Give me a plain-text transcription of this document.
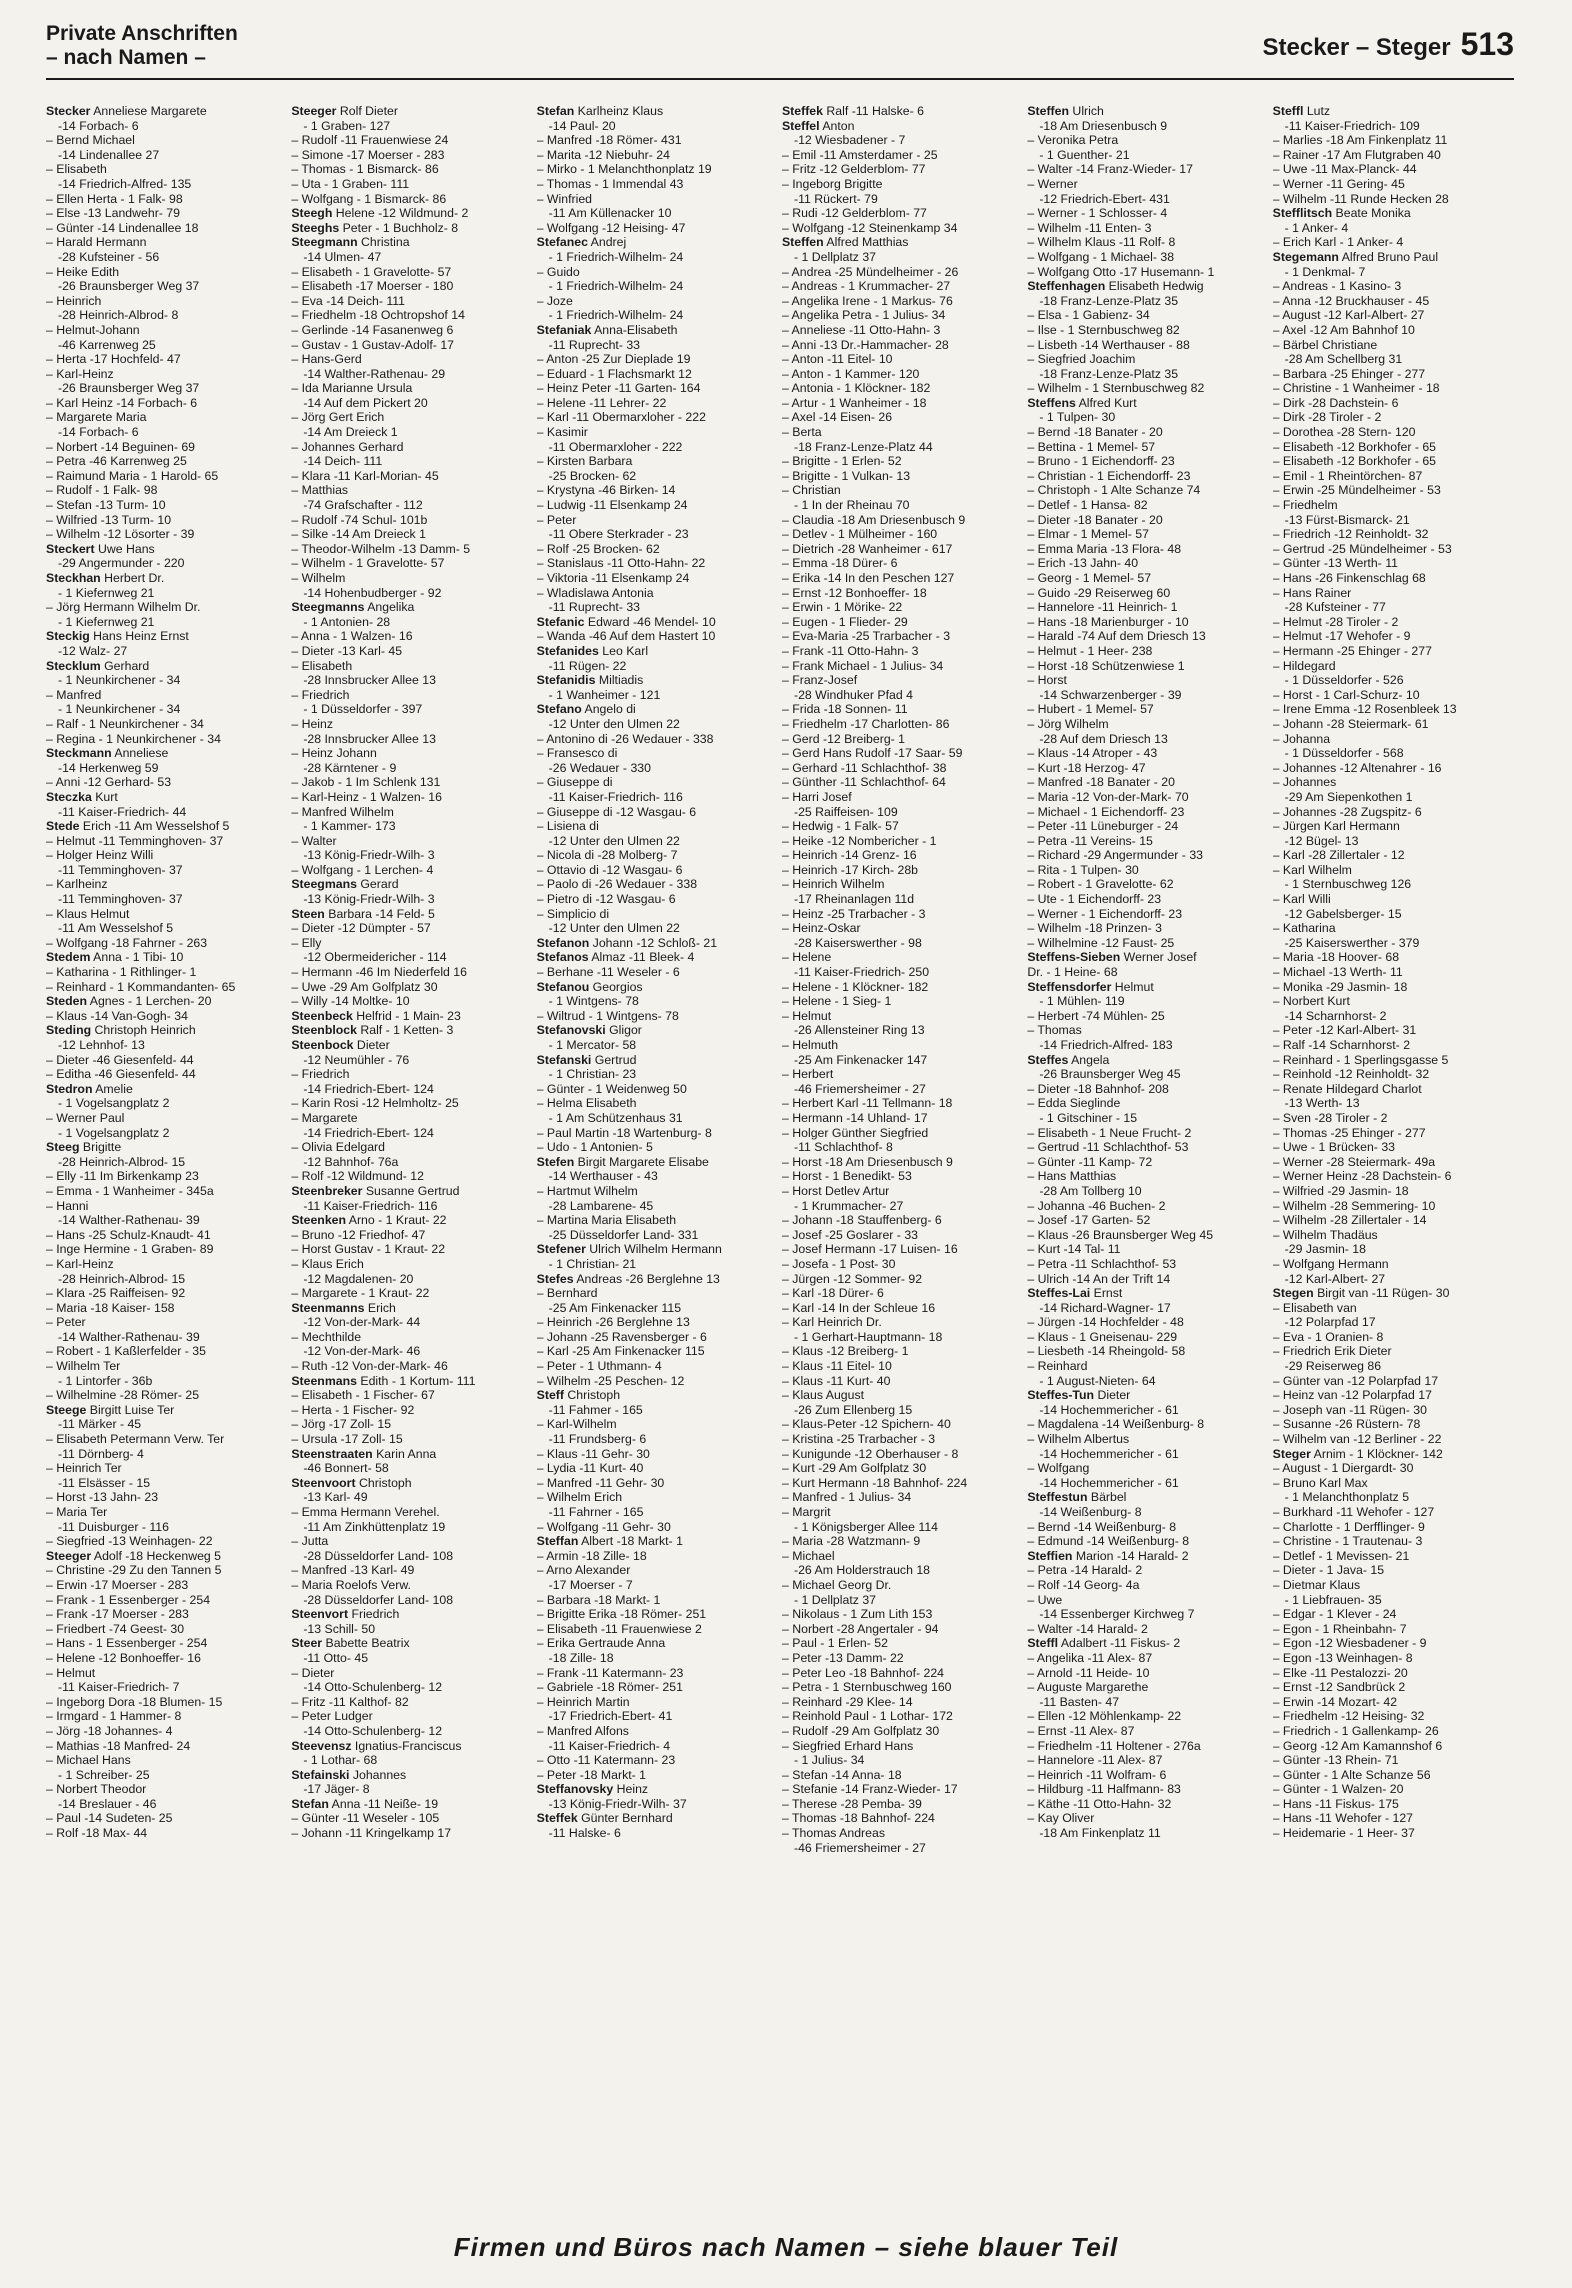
Private Anschriften
– nach Namen –	Stecker – Steger 513
Stecker Anneliese Margarete
-14 Forbach- 6
– Bernd Michael
-14 Lindenallee 27
– Elisabeth
-14 Friedrich-Alfred- 135
– Ellen Herta - 1 Falk- 98
– Else -13 Landwehr- 79
– Günter -14 Lindenallee 18
– Harald Hermann
-28 Kufsteiner - 56
– Heike Edith
-26 Braunsberger Weg 37
– Heinrich
-28 Heinrich-Albrod- 8
– Helmut-Johann
-46 Karrenweg 25
– Herta -17 Hochfeld- 47
– Karl-Heinz
-26 Braunsberger Weg 37
– Karl Heinz -14 Forbach- 6
– Margarete Maria
-14 Forbach- 6
– Norbert -14 Beguinen- 69
– Petra -46 Karrenweg 25
– Raimund Maria - 1 Harold- 65
– Rudolf - 1 Falk- 98
– Stefan -13 Turm- 10
– Wilfried -13 Turm- 10
– Wilhelm -12 Lösorter - 39
Steckert Uwe Hans
-29 Angermunder - 220
Steckhan Herbert Dr.
- 1 Kiefernweg 21
– Jörg Hermann Wilhelm Dr.
- 1 Kiefernweg 21
Steckig Hans Heinz Ernst
-12 Walz- 27
Stecklum Gerhard
- 1 Neunkirchener - 34
– Manfred
- 1 Neunkirchener - 34
– Ralf - 1 Neunkirchener - 34
– Regina - 1 Neunkirchener - 34
Steckmann Anneliese
-14 Herkenweg 59
– Anni -12 Gerhard- 53
Steczka Kurt
-11 Kaiser-Friedrich- 44
Stede Erich -11 Am Wesselshof 5
– Helmut -11 Temminghoven- 37
– Holger Heinz Willi
-11 Temminghoven- 37
– Karlheinz
-11 Temminghoven- 37
– Klaus Helmut
-11 Am Wesselshof 5
– Wolfgang -18 Fahrner - 263
Stedem Anna - 1 Tibi- 10
– Katharina - 1 Rithlinger- 1
– Reinhard - 1 Kommandanten- 65
Steden Agnes - 1 Lerchen- 20
– Klaus -14 Van-Gogh- 34
Steding Christoph Heinrich
-12 Lehnhof- 13
– Dieter -46 Giesenfeld- 44
– Editha -46 Giesenfeld- 44
Stedron Amelie
- 1 Vogelsangplatz 2
– Werner Paul
- 1 Vogelsangplatz 2
Steeg Brigitte
-28 Heinrich-Albrod- 15
– Elly -11 Im Birkenkamp 23
– Emma - 1 Wanheimer - 345a
– Hanni
-14 Walther-Rathenau- 39
– Hans -25 Schulz-Knaudt- 41
– Inge Hermine - 1 Graben- 89
– Karl-Heinz
-28 Heinrich-Albrod- 15
– Klara -25 Raiffeisen- 92
– Maria -18 Kaiser- 158
– Peter
-14 Walther-Rathenau- 39
– Robert - 1 Kaßlerfelder - 35
– Wilhelm Ter
- 1 Lintorfer - 36b
– Wilhelmine -28 Römer- 25
Steege Birgitt Luise Ter
-11 Märker - 45
– Elisabeth Petermann Verw. Ter
-11 Dörnberg- 4
– Heinrich Ter
-11 Elsässer - 15
– Horst -13 Jahn- 23
– Maria Ter
-11 Duisburger - 116
– Siegfried -13 Weinhagen- 22
Steeger Adolf -18 Heckenweg 5
– Christine -29 Zu den Tannen 5
– Erwin -17 Moerser - 283
– Frank - 1 Essenberger - 254
– Frank -17 Moerser - 283
– Friedbert -74 Geest- 30
– Hans - 1 Essenberger - 254
– Helene -12 Bonhoeffer- 16
– Helmut
-11 Kaiser-Friedrich- 7
– Ingeborg Dora -18 Blumen- 15
– Irmgard - 1 Hammer- 8
– Jörg -18 Johannes- 4
– Mathias -18 Manfred- 24
– Michael Hans
- 1 Schreiber- 25
– Norbert Theodor
-14 Breslauer - 46
– Paul -14 Sudeten- 25
– Rolf -18 Max- 44
Steeger Rolf Dieter
- 1 Graben- 127
– Rudolf -11 Frauenwiese 24
– Simone -17 Moerser - 283
– Thomas - 1 Bismarck- 86
– Uta - 1 Graben- 111
– Wolfgang - 1 Bismarck- 86
Steegh Helene -12 Wildmund- 2
Steeghs Peter - 1 Buchholz- 8
Steegmann Christina
-14 Ulmen- 47
– Elisabeth - 1 Gravelotte- 57
– Elisabeth -17 Moerser - 180
– Eva -14 Deich- 111
– Friedhelm -18 Ochtropshof 14
– Gerlinde -14 Fasanenweg 6
– Gustav - 1 Gustav-Adolf- 17
– Hans-Gerd
-14 Walther-Rathenau- 29
– Ida Marianne Ursula
-14 Auf dem Pickert 20
– Jörg Gert Erich
-14 Am Dreieck 1
– Johannes Gerhard
-14 Deich- 111
– Klara -11 Karl-Morian- 45
– Matthias
-74 Grafschafter - 112
– Rudolf -74 Schul- 101b
– Silke -14 Am Dreieck 1
– Theodor-Wilhelm -13 Damm- 5
– Wilhelm - 1 Gravelotte- 57
– Wilhelm
-14 Hohenbudberger - 92
Steegmanns Angelika
- 1 Antonien- 28
– Anna - 1 Walzen- 16
– Dieter -13 Karl- 45
– Elisabeth
-28 Innsbrucker Allee 13
– Friedrich
- 1 Düsseldorfer - 397
– Heinz
-28 Innsbrucker Allee 13
– Heinz Johann
-28 Kärntener - 9
– Jakob - 1 Im Schlenk 131
– Karl-Heinz - 1 Walzen- 16
– Manfred Wilhelm
- 1 Kammer- 173
– Walter
-13 König-Friedr-Wilh- 3
– Wolfgang - 1 Lerchen- 4
Steegmans Gerard
-13 König-Friedr-Wilh- 3
Steen Barbara -14 Feld- 5
– Dieter -12 Dümpter - 57
– Elly
-12 Obermeidericher - 114
– Hermann -46 Im Niederfeld 16
– Uwe -29 Am Golfplatz 30
– Willy -14 Moltke- 10
Steenbeck Helfrid - 1 Main- 23
Steenblock Ralf - 1 Ketten- 3
Steenbock Dieter
-12 Neumühler - 76
– Friedrich
-14 Friedrich-Ebert- 124
– Karin Rosi -12 Helmholtz- 25
– Margarete
-14 Friedrich-Ebert- 124
– Olivia Edelgard
-12 Bahnhof- 76a
– Rolf -12 Wildmund- 12
Steenbreker Susanne Gertrud
-11 Kaiser-Friedrich- 116
Steenken Arno - 1 Kraut- 22
– Bruno -12 Friedhof- 47
– Horst Gustav - 1 Kraut- 22
– Klaus Erich
-12 Magdalenen- 20
– Margarete - 1 Kraut- 22
Steenmanns Erich
-12 Von-der-Mark- 44
– Mechthilde
-12 Von-der-Mark- 46
– Ruth -12 Von-der-Mark- 46
Steenmans Edith - 1 Kortum- 111
– Elisabeth - 1 Fischer- 67
– Herta - 1 Fischer- 92
– Jörg -17 Zoll- 15
– Ursula -17 Zoll- 15
Steenstraaten Karin Anna
-46 Bonnert- 58
Steenvoort Christoph
-13 Karl- 49
– Emma Hermann Verehel.
-11 Am Zinkhüttenplatz 19
– Jutta
-28 Düsseldorfer Land- 108
– Manfred -13 Karl- 49
– Maria Roelofs Verw.
-28 Düsseldorfer Land- 108
Steenvort Friedrich
-13 Schill- 50
Steer Babette Beatrix
-11 Otto- 45
– Dieter
-14 Otto-Schulenberg- 12
– Fritz -11 Kalthof- 82
– Peter Ludger
-14 Otto-Schulenberg- 12
Steevensz Ignatius-Franciscus
- 1 Lothar- 68
Stefainski Johannes
-17 Jäger- 8
Stefan Anna -11 Neiße- 19
– Günter -11 Weseler - 105
– Johann -11 Kringelkamp 17
Stefan Karlheinz Klaus
-14 Paul- 20
– Manfred -18 Römer- 431
– Marita -12 Niebuhr- 24
– Mirko - 1 Melanchthonplatz 19
– Thomas - 1 Immendal 43
– Winfried
-11 Am Küllenacker 10
– Wolfgang -12 Heising- 47
Stefanec Andrej
- 1 Friedrich-Wilhelm- 24
– Guido
- 1 Friedrich-Wilhelm- 24
– Joze
- 1 Friedrich-Wilhelm- 24
Stefaniak Anna-Elisabeth
-11 Ruprecht- 33
– Anton -25 Zur Dieplade 19
– Eduard - 1 Flachsmarkt 12
– Heinz Peter -11 Garten- 164
– Helene -11 Lehrer- 22
– Karl -11 Obermarxloher - 222
– Kasimir
-11 Obermarxloher - 222
– Kirsten Barbara
-25 Brocken- 62
– Krystyna -46 Birken- 14
– Ludwig -11 Elsenkamp 24
– Peter
-11 Obere Sterkrader - 23
– Rolf -25 Brocken- 62
– Stanislaus -11 Otto-Hahn- 22
– Viktoria -11 Elsenkamp 24
– Wladislawa Antonia
-11 Ruprecht- 33
Stefanic Edward -46 Mendel- 10
– Wanda -46 Auf dem Hastert 10
Stefanides Leo Karl
-11 Rügen- 22
Stefanidis Miltiadis
- 1 Wanheimer - 121
Stefano Angelo di
-12 Unter den Ulmen 22
– Antonino di -26 Wedauer - 338
– Fransesco di
-26 Wedauer - 330
– Giuseppe di
-11 Kaiser-Friedrich- 116
– Giuseppe di -12 Wasgau- 6
– Lisiena di
-12 Unter den Ulmen 22
– Nicola di -28 Molberg- 7
– Ottavio di -12 Wasgau- 6
– Paolo di -26 Wedauer - 338
– Pietro di -12 Wasgau- 6
– Simplicio di
-12 Unter den Ulmen 22
Stefanon Johann -12 Schloß- 21
Stefanos Almaz -11 Bleek- 4
– Berhane -11 Weseler - 6
Stefanou Georgios
- 1 Wintgens- 78
– Wiltrud - 1 Wintgens- 78
Stefanovski Gligor
- 1 Mercator- 58
Stefanski Gertrud
- 1 Christian- 23
– Günter - 1 Weidenweg 50
– Helma Elisabeth
- 1 Am Schützenhaus 31
– Paul Martin -18 Wartenburg- 8
– Udo - 1 Antonien- 5
Stefen Birgit Margarete Elisabe
-14 Werthauser - 43
– Hartmut Wilhelm
-28 Lambarene- 45
– Martina Maria Elisabeth
-25 Düsseldorfer Land- 331
Stefener Ulrich Wilhelm Hermann
- 1 Christian- 21
Stefes Andreas -26 Berglehne 13
– Bernhard
-25 Am Finkenacker 115
– Heinrich -26 Berglehne 13
– Johann -25 Ravensberger - 6
– Karl -25 Am Finkenacker 115
– Peter - 1 Uthmann- 4
– Wilhelm -25 Peschen- 12
Steff Christoph
-11 Fahmer - 165
– Karl-Wilhelm
-11 Frundsberg- 6
– Klaus -11 Gehr- 30
– Lydia -11 Kurt- 40
– Manfred -11 Gehr- 30
– Wilhelm Erich
-11 Fahrner - 165
– Wolfgang -11 Gehr- 30
Steffan Albert -18 Markt- 1
– Armin -18 Zille- 18
– Arno Alexander
-17 Moerser - 7
– Barbara -18 Markt- 1
– Brigitte Erika -18 Römer- 251
– Elisabeth -11 Frauenwiese 2
– Erika Gertraude Anna
-18 Zille- 18
– Frank -11 Katermann- 23
– Gabriele -18 Römer- 251
– Heinrich Martin
-17 Friedrich-Ebert- 41
– Manfred Alfons
-11 Kaiser-Friedrich- 4
– Otto -11 Katermann- 23
– Peter -18 Markt- 1
Steffanovsky Heinz
-13 König-Friedr-Wilh- 37
Steffek Günter Bernhard
-11 Halske- 6
Steffek Ralf -11 Halske- 6
Steffel Anton
-12 Wiesbadener - 7
– Emil -11 Amsterdamer - 25
– Fritz -12 Gelderblom- 77
– Ingeborg Brigitte
-11 Rückert- 79
– Rudi -12 Gelderblom- 77
– Wolfgang -12 Steinenkamp 34
Steffen Alfred Matthias
- 1 Dellplatz 37
– Andrea -25 Mündelheimer - 26
– Andreas - 1 Krummacher- 27
– Angelika Irene - 1 Markus- 76
– Angelika Petra - 1 Julius- 34
– Anneliese -11 Otto-Hahn- 3
– Anni -13 Dr.-Hammacher- 28
– Anton -11 Eitel- 10
– Anton - 1 Kammer- 120
– Antonia - 1 Klöckner- 182
– Artur - 1 Wanheimer - 18
– Axel -14 Eisen- 26
– Berta
-18 Franz-Lenze-Platz 44
– Brigitte - 1 Erlen- 52
– Brigitte - 1 Vulkan- 13
– Christian
- 1 In der Rheinau 70
– Claudia -18 Am Driesenbusch 9
– Detlev - 1 Mülheimer - 160
– Dietrich -28 Wanheimer - 617
– Emma -18 Dürer- 6
– Erika -14 In den Peschen 127
– Ernst -12 Bonhoeffer- 18
– Erwin - 1 Mörike- 22
– Eugen - 1 Flieder- 29
– Eva-Maria -25 Trarbacher - 3
– Frank -11 Otto-Hahn- 3
– Frank Michael - 1 Julius- 34
– Franz-Josef
-28 Windhuker Pfad 4
– Frida -18 Sonnen- 11
– Friedhelm -17 Charlotten- 86
– Gerd -12 Breiberg- 1
– Gerd Hans Rudolf -17 Saar- 59
– Gerhard -11 Schlachthof- 38
– Günther -11 Schlachthof- 64
– Harri Josef
-25 Raiffeisen- 109
– Hedwig - 1 Falk- 57
– Heike -12 Nombericher - 1
– Heinrich -14 Grenz- 16
– Heinrich -17 Kirch- 28b
– Heinrich Wilhelm
-17 Rheinanlagen 11d
– Heinz -25 Trarbacher - 3
– Heinz-Oskar
-28 Kaiserswerther - 98
– Helene
-11 Kaiser-Friedrich- 250
– Helene - 1 Klöckner- 182
– Helene - 1 Sieg- 1
– Helmut
-26 Allensteiner Ring 13
– Helmuth
-25 Am Finkenacker 147
– Herbert
-46 Friemersheimer - 27
– Herbert Karl -11 Tellmann- 18
– Hermann -14 Uhland- 17
– Holger Günther Siegfried
-11 Schlachthof- 8
– Horst -18 Am Driesenbusch 9
– Horst - 1 Benedikt- 53
– Horst Detlev Artur
- 1 Krummacher- 27
– Johann -18 Stauffenberg- 6
– Josef -25 Goslarer - 33
– Josef Hermann -17 Luisen- 16
– Josefa - 1 Post- 30
– Jürgen -12 Sommer- 92
– Karl -18 Dürer- 6
– Karl -14 In der Schleue 16
– Karl Heinrich Dr.
- 1 Gerhart-Hauptmann- 18
– Klaus -12 Breiberg- 1
– Klaus -11 Eitel- 10
– Klaus -11 Kurt- 40
– Klaus August
-26 Zum Ellenberg 15
– Klaus-Peter -12 Spichern- 40
– Kristina -25 Trarbacher - 3
– Kunigunde -12 Oberhauser - 8
– Kurt -29 Am Golfplatz 30
– Kurt Hermann -18 Bahnhof- 224
– Manfred - 1 Julius- 34
– Margrit
- 1 Königsberger Allee 114
– Maria -28 Watzmann- 9
– Michael
-26 Am Holderstrauch 18
– Michael Georg Dr.
- 1 Dellplatz 37
– Nikolaus - 1 Zum Lith 153
– Norbert -28 Angertaler - 94
– Paul - 1 Erlen- 52
– Peter -13 Damm- 22
– Peter Leo -18 Bahnhof- 224
– Petra - 1 Sternbuschweg 160
– Reinhard -29 Klee- 14
– Reinhold Paul - 1 Lothar- 172
– Rudolf -29 Am Golfplatz 30
– Siegfried Erhard Hans
- 1 Julius- 34
– Stefan -14 Anna- 18
– Stefanie -14 Franz-Wieder- 17
– Therese -28 Pemba- 39
– Thomas -18 Bahnhof- 224
– Thomas Andreas
-46 Friemersheimer - 27
Steffen Ulrich
-18 Am Driesenbusch 9
– Veronika Petra
- 1 Guenther- 21
– Walter -14 Franz-Wieder- 17
– Werner
-12 Friedrich-Ebert- 431
– Werner - 1 Schlosser- 4
– Wilhelm -11 Enten- 3
– Wilhelm Klaus -11 Rolf- 8
– Wolfgang - 1 Michael- 38
– Wolfgang Otto -17 Husemann- 1
Steffenhagen Elisabeth Hedwig
-18 Franz-Lenze-Platz 35
– Elsa - 1 Gabienz- 34
– Ilse - 1 Sternbuschweg 82
– Lisbeth -14 Werthauser - 88
– Siegfried Joachim
-18 Franz-Lenze-Platz 35
– Wilhelm - 1 Sternbuschweg 82
Steffens Alfred Kurt
- 1 Tulpen- 30
– Bernd -18 Banater - 20
– Bettina - 1 Memel- 57
– Bruno - 1 Eichendorff- 23
– Christian - 1 Eichendorff- 23
– Christoph - 1 Alte Schanze 74
– Detlef - 1 Hansa- 82
– Dieter -18 Banater - 20
– Elmar - 1 Memel- 57
– Emma Maria -13 Flora- 48
– Erich -13 Jahn- 40
– Georg - 1 Memel- 57
– Guido -29 Reiserweg 60
– Hannelore -11 Heinrich- 1
– Hans -18 Marienburger - 10
– Harald -74 Auf dem Driesch 13
– Helmut - 1 Heer- 238
– Horst -18 Schützenwiese 1
– Horst
-14 Schwarzenberger - 39
– Hubert - 1 Memel- 57
– Jörg Wilhelm
-28 Auf dem Driesch 13
– Klaus -14 Atroper - 43
– Kurt -18 Herzog- 47
– Manfred -18 Banater - 20
– Maria -12 Von-der-Mark- 70
– Michael - 1 Eichendorff- 23
– Peter -11 Lüneburger - 24
– Petra -11 Vereins- 15
– Richard -29 Angermunder - 33
– Rita - 1 Tulpen- 30
– Robert - 1 Gravelotte- 62
– Ute - 1 Eichendorff- 23
– Werner - 1 Eichendorff- 23
– Wilhelm -18 Prinzen- 3
– Wilhelmine -12 Faust- 25
Steffens-Sieben Werner Josef
Dr. - 1 Heine- 68
Steffensdorfer Helmut
- 1 Mühlen- 119
– Herbert -74 Mühlen- 25
– Thomas
-14 Friedrich-Alfred- 183
Steffes Angela
-26 Braunsberger Weg 45
– Dieter -18 Bahnhof- 208
– Edda Sieglinde
- 1 Gitschiner - 15
– Elisabeth - 1 Neue Frucht- 2
– Gertrud -11 Schlachthof- 53
– Günter -11 Kamp- 72
– Hans Matthias
-28 Am Tollberg 10
– Johanna -46 Buchen- 2
– Josef -17 Garten- 52
– Klaus -26 Braunsberger Weg 45
– Kurt -14 Tal- 11
– Petra -11 Schlachthof- 53
– Ulrich -14 An der Trift 14
Steffes-Lai Ernst
-14 Richard-Wagner- 17
– Jürgen -14 Hochfelder - 48
– Klaus - 1 Gneisenau- 229
– Liesbeth -14 Rheingold- 58
– Reinhard
- 1 August-Nieten- 64
Steffes-Tun Dieter
-14 Hochemmericher - 61
– Magdalena -14 Weißenburg- 8
– Wilhelm Albertus
-14 Hochemmericher - 61
– Wolfgang
-14 Hochemmericher - 61
Steffestun Bärbel
-14 Weißenburg- 8
– Bernd -14 Weißenburg- 8
– Edmund -14 Weißenburg- 8
Steffien Marion -14 Harald- 2
– Petra -14 Harald- 2
– Rolf -14 Georg- 4a
– Uwe
-14 Essenberger Kirchweg 7
– Walter -14 Harald- 2
Steffl Adalbert -11 Fiskus- 2
– Angelika -11 Alex- 87
– Arnold -11 Heide- 10
– Auguste Margarethe
-11 Basten- 47
– Ellen -12 Möhlenkamp- 22
– Ernst -11 Alex- 87
– Friedhelm -11 Holtener - 276a
– Hannelore -11 Alex- 87
– Heinrich -11 Wolfram- 6
– Hildburg -11 Halfmann- 83
– Käthe -11 Otto-Hahn- 32
– Kay Oliver
-18 Am Finkenplatz 11
Steffl Lutz
-11 Kaiser-Friedrich- 109
– Marlies -18 Am Finkenplatz 11
– Rainer -17 Am Flutgraben 40
– Uwe -11 Max-Planck- 44
– Werner -11 Gering- 45
– Wilhelm -11 Runde Hecken 28
Stefflitsch Beate Monika
- 1 Anker- 4
– Erich Karl - 1 Anker- 4
Stegemann Alfred Bruno Paul
- 1 Denkmal- 7
– Andreas - 1 Kasino- 3
– Anna -12 Bruckhauser - 45
– August -12 Karl-Albert- 27
– Axel -12 Am Bahnhof 10
– Bärbel Christiane
-28 Am Schellberg 31
– Barbara -25 Ehinger - 277
– Christine - 1 Wanheimer - 18
– Dirk -28 Dachstein- 6
– Dirk -28 Tiroler - 2
– Dorothea -28 Stern- 120
– Elisabeth -12 Borkhofer - 65
– Elisabeth -12 Borkhofer - 65
– Emil - 1 Rheintörchen- 87
– Erwin -25 Mündelheimer - 53
– Friedhelm
-13 Fürst-Bismarck- 21
– Friedrich -12 Reinholdt- 32
– Gertrud -25 Mündelheimer - 53
– Günter -13 Werth- 11
– Hans -26 Finkenschlag 68
– Hans Rainer
-28 Kufsteiner - 77
– Helmut -28 Tiroler - 2
– Helmut -17 Wehofer - 9
– Hermann -25 Ehinger - 277
– Hildegard
- 1 Düsseldorfer - 526
– Horst - 1 Carl-Schurz- 10
– Irene Emma -12 Rosenbleek 13
– Johann -28 Steiermark- 61
– Johanna
- 1 Düsseldorfer - 568
– Johannes -12 Altenahrer - 16
– Johannes
-29 Am Siepenkothen 1
– Johannes -28 Zugspitz- 6
– Jürgen Karl Hermann
-12 Bügel- 13
– Karl -28 Zillertaler - 12
– Karl Wilhelm
- 1 Sternbuschweg 126
– Karl Willi
-12 Gabelsberger- 15
– Katharina
-25 Kaiserswerther - 379
– Maria -18 Hoover- 68
– Michael -13 Werth- 11
– Monika -29 Jasmin- 18
– Norbert Kurt
-14 Scharnhorst- 2
– Peter -12 Karl-Albert- 31
– Ralf -14 Scharnhorst- 2
– Reinhard - 1 Sperlingsgasse 5
– Reinhold -12 Reinholdt- 32
– Renate Hildegard Charlot
-13 Werth- 13
– Sven -28 Tiroler - 2
– Thomas -25 Ehinger - 277
– Uwe - 1 Brücken- 33
– Werner -28 Steiermark- 49a
– Werner Heinz -28 Dachstein- 6
– Wilfried -29 Jasmin- 18
– Wilhelm -28 Semmering- 10
– Wilhelm -28 Zillertaler - 14
– Wilhelm Thadäus
-29 Jasmin- 18
– Wolfgang Hermann
-12 Karl-Albert- 27
Stegen Birgit van -11 Rügen- 30
– Elisabeth van
-12 Polarpfad 17
– Eva - 1 Oranien- 8
– Friedrich Erik Dieter
-29 Reiserweg 86
– Günter van -12 Polarpfad 17
– Heinz van -12 Polarpfad 17
– Joseph van -11 Rügen- 30
– Susanne -26 Rüstern- 78
– Wilhelm van -12 Berliner - 22
Steger Arnim - 1 Klöckner- 142
– August - 1 Diergardt- 30
– Bruno Karl Max
- 1 Melanchthonplatz 5
– Burkhard -11 Wehofer - 127
– Charlotte - 1 Derfflinger- 9
– Christine - 1 Trautenau- 3
– Detlef - 1 Mevissen- 21
– Dieter - 1 Java- 15
– Dietmar Klaus
- 1 Liebfrauen- 35
– Edgar - 1 Klever - 24
– Egon - 1 Rheinbahn- 7
– Egon -12 Wiesbadener - 9
– Egon -13 Weinhagen- 8
– Elke -11 Pestalozzi- 20
– Ernst -12 Sandbrück 2
– Erwin -14 Mozart- 42
– Friedhelm -12 Heising- 32
– Friedrich - 1 Gallenkamp- 26
– Georg -12 Am Kamannshof 6
– Günter -13 Rhein- 71
– Günter - 1 Alte Schanze 56
– Günter - 1 Walzen- 20
– Hans -11 Fiskus- 175
– Hans -11 Wehofer - 127
– Heidemarie - 1 Heer- 37
Firmen und Büros nach Namen – siehe blauer Teil
